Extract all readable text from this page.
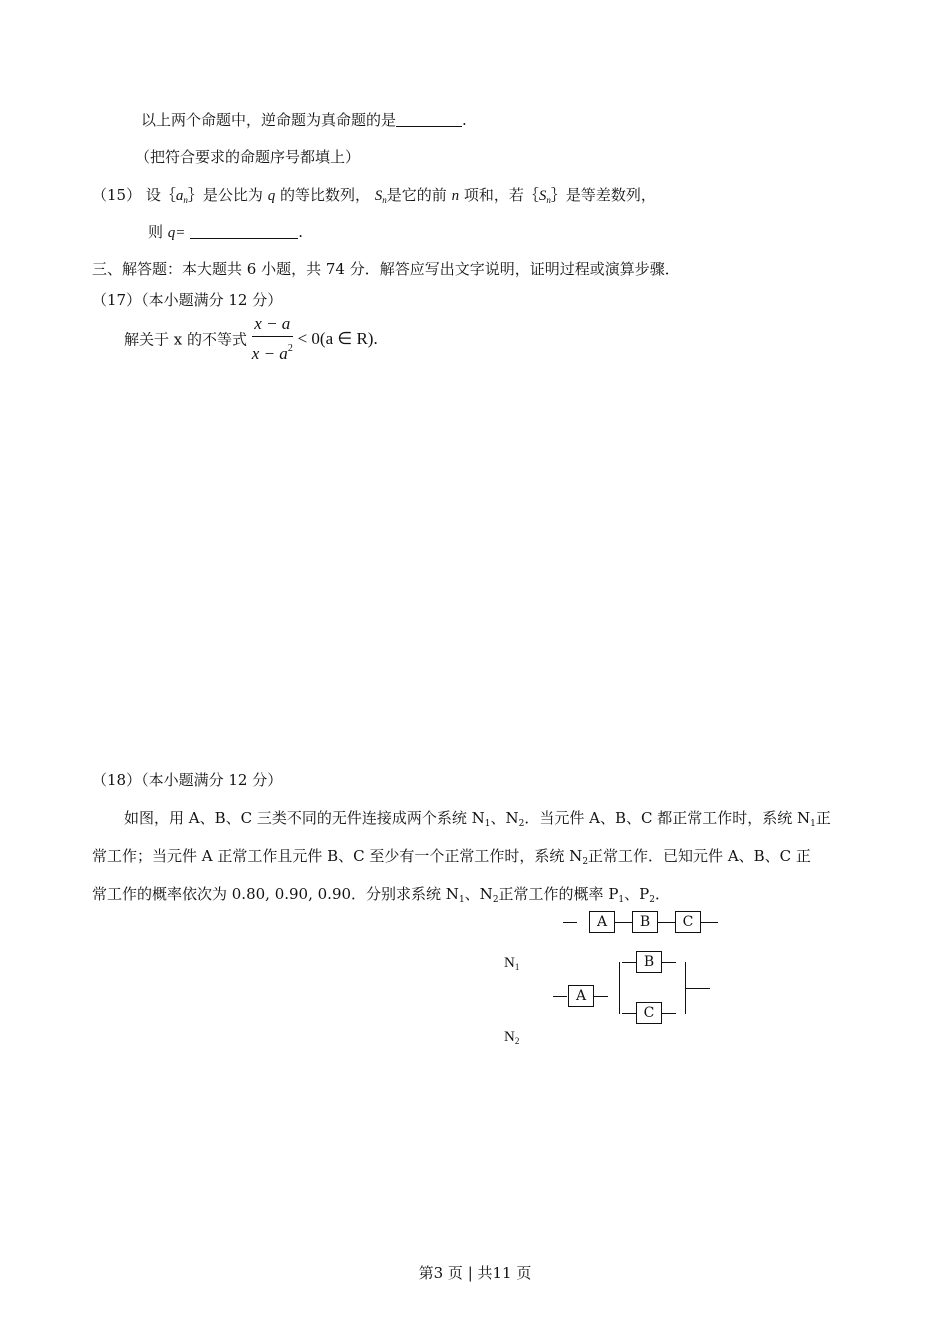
以上两个命题中，逆命题为真命题的是	.
（把符合要求的命题序号都填上）
（15） 设$\{a_n\}$是公比为 q 的等比数列， $S_n$是它的前 n 项和，若$\{S_n\}$是等差数列，
则 q=	.
三、解答题：本大题共 6 小题，共 74 分．解答应写出文字说明，证明过程或演算步骤．
（17）（本小题满分 12 分）
解关于 x 的不等式 $\frac{x - a}{x - a^2} < 0(a$ ∈ R).
（18）（本小题满分 12 分）
如图，用 A、B、C 三类不同的无件连接成两个系统 $N_1$、$N_2$．当元件 A、B、C 都正常工作时，系统 $N_1$正
常工作；当元件 A 正常工作且元件 B、C 至少有一个正常工作时，系统 $N_2$正常工作．已知元件 A、B、C 正
常工作的概率依次为 0.80, 0.90, 0.90．分别求系统 $N_1$、$N_2$正常工作的概率 $P_1$、$P_2$．
A	B	C
$N_1$
$N_2$
A
B
C
第3 页 | 共11 页
